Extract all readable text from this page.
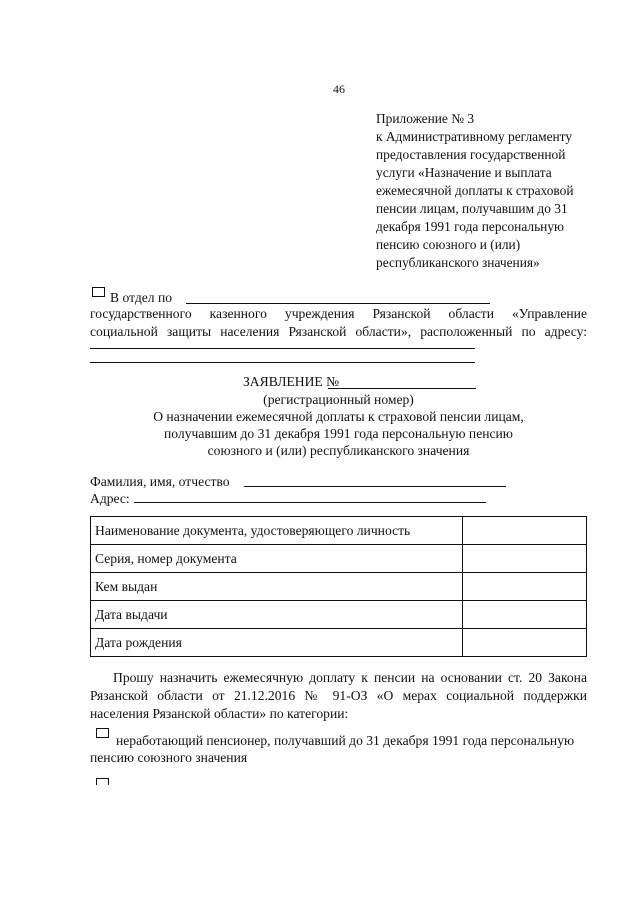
46
Приложение № 3
к Административному регламенту
предоставления государственной
услуги «Назначение и выплата
ежемесячной доплаты к страховой
пенсии лицам, получавшим до 31
декабря 1991 года персональную
пенсию союзного и (или)
республиканского значения»
В отдел по
государственного казенного учреждения Рязанской области «Управление
социальной защиты населения Рязанской области», расположенный по адресу:
ЗАЯВЛЕНИЕ №
(регистрационный номер)
О назначении ежемесячной доплаты к страховой пенсии лицам,
получавшим до 31 декабря 1991 года персональную пенсию
союзного и (или) республиканского значения
Фамилия, имя, отчество
Адрес:
Наименование документа, удостоверяющего личность	
Серия, номер документа	
Кем выдан	
Дата выдачи	
Дата рождения	
Прошу назначить ежемесячную доплату к пенсии на основании ст. 20 Закона
Рязанской области от 21.12.2016 № 91-ОЗ «О мерах социальной поддержки
населения Рязанской области» по категории:
неработающий пенсионер, получавший до 31 декабря 1991 года персональную
пенсию союзного значения
